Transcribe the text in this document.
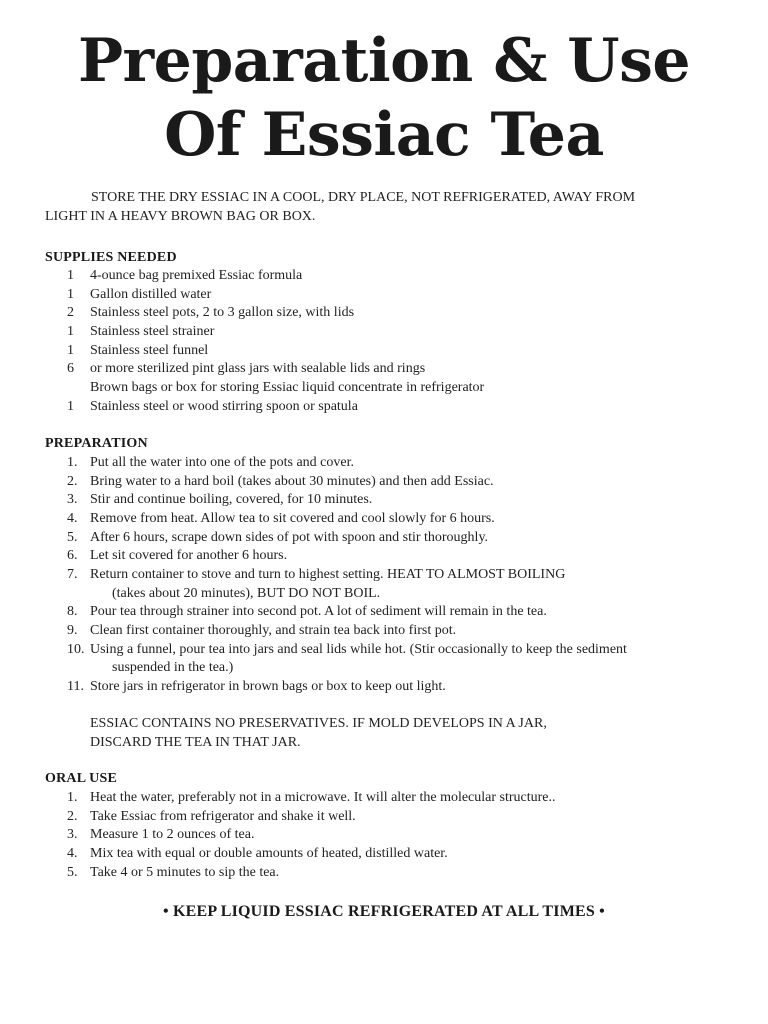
Preparation & Use
Of Essiac Tea
STORE THE DRY ESSIAC IN A COOL, DRY PLACE, NOT REFRIGERATED, AWAY FROM
LIGHT IN A HEAVY BROWN BAG OR BOX.
SUPPLIES NEEDED
1	4-ounce bag premixed Essiac formula
1	Gallon distilled water
2	Stainless steel pots, 2 to 3 gallon size, with lids
1	Stainless steel strainer
1	Stainless steel funnel
6	or more sterilized pint glass jars with sealable lids and rings
Brown bags or box for storing Essiac liquid concentrate in refrigerator
1	Stainless steel or wood stirring spoon or spatula
PREPARATION
1. Put all the water into one of the pots and cover.
2. Bring water to a hard boil (takes about 30 minutes) and then add Essiac.
3. Stir and continue boiling, covered, for 10 minutes.
4. Remove from heat. Allow tea to sit covered and cool slowly for 6 hours.
5. After 6 hours, scrape down sides of pot with spoon and stir thoroughly.
6. Let sit covered for another 6 hours.
7. Return container to stove and turn to highest setting. HEAT TO ALMOST BOILING
(takes about 20 minutes), BUT DO NOT BOIL.
8. Pour tea through strainer into second pot. A lot of sediment will remain in the tea.
9. Clean first container thoroughly, and strain tea back into first pot.
10. Using a funnel, pour tea into jars and seal lids while hot. (Stir occasionally to keep the sediment
suspended in the tea.)
11. Store jars in refrigerator in brown bags or box to keep out light.
ESSIAC CONTAINS NO PRESERVATIVES. IF MOLD DEVELOPS IN A JAR,
DISCARD THE TEA IN THAT JAR.
ORAL USE
1. Heat the water, preferably not in a microwave. It will alter the molecular structure..
2. Take Essiac from refrigerator and shake it well.
3. Measure 1 to 2 ounces of tea.
4. Mix tea with equal or double amounts of heated, distilled water.
5. Take 4 or 5 minutes to sip the tea.
• KEEP LIQUID ESSIAC REFRIGERATED AT ALL TIMES •
